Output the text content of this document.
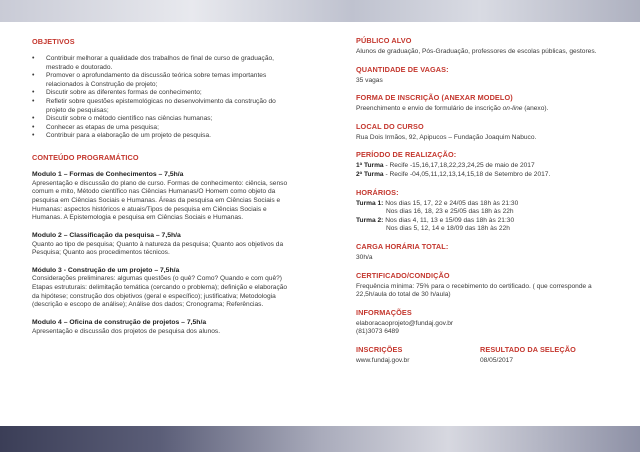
OBJETIVOS
• Contribuir melhorar a qualidade dos trabalhos de final de curso de graduação, mestrado e doutorado.
• Promover o aprofundamento da discussão teórica sobre temas importantes relacionados à Construção de projeto;
• Discutir sobre as diferentes formas de conhecimento;
• Refletir sobre questões epistemológicas no desenvolvimento da construção do projeto de pesquisas;
• Discutir sobre o método científico nas ciências humanas;
• Conhecer as etapas de uma pesquisa;
• Contribuir para a elaboração de um projeto de pesquisa.
CONTEÚDO PROGRAMÁTICO
Modulo 1 – Formas de Conhecimentos – 7,5h/a
Apresentação e discussão do plano de curso. Formas de conhecimento: ciência, senso comum e mito, Método científico nas Ciências Humanas/O Homem como objeto da pesquisa em Ciências Sociais e Humanas. Áreas da pesquisa em Ciências Sociais e Humanas: aspectos históricos e atuais/Tipos de pesquisa em Ciências Sociais e Humanas. A Epistemologia e pesquisa em Ciências Sociais e Humanas.
Modulo 2 – Classificação da pesquisa – 7,5h/a
Quanto ao tipo de pesquisa; Quanto à natureza da pesquisa; Quanto aos objetivos da Pesquisa; Quanto aos procedimentos técnicos.
Módulo 3 - Construção de um projeto – 7,5h/a
Considerações preliminares: algumas questões (o quê? Como? Quando e com quê?)
Etapas estruturais: delimitação temática (cercando o problema); definição e elaboração da hipótese; construção dos objetivos (geral e específico); justificativa; Metodologia (descrição e escopo de análise); Análise dos dados; Cronograma; Referências.
Modulo 4 – Oficina de construção de projetos – 7,5h/a
Apresentação e discussão dos projetos de pesquisa dos alunos.
PÚBLICO ALVO
Alunos de graduação, Pós-Graduação, professores de escolas públicas, gestores.
QUANTIDADE DE VAGAS:
35 vagas
FORMA DE INSCRIÇÃO (ANEXAR MODELO)
Preenchimento e envio de formulário de inscrição on-line (anexo).
LOCAL DO CURSO
Rua Dois Irmãos, 92, Apipucos – Fundação Joaquim Nabuco.
PERÍODO DE REALIZAÇÃO:
1ª Turma - Recife -15,16,17,18,22,23,24,25 de maio de 2017
2ª Turma - Recife -04,05,11,12,13,14,15,18 de Setembro de 2017.
HORÁRIOS:
Turma 1: Nos dias 15, 17, 22 e 24/05 das 18h às 21:30
Nos dias 16, 18, 23 e 25/05 das 18h às 22h
Turma 2: Nos dias 4, 11, 13 e 15/09 das 18h às 21:30
Nos dias 5, 12, 14 e 18/09 das 18h às 22h
CARGA HORÁRIA TOTAL:
30h/a
CERTIFICADO/CONDIÇÃO
Frequência mínima: 75% para o recebimento do certificado. ( que corresponde a 22,5h/aula do total de 30 h/aula)
INFORMAÇÕES
elaboracaoprojeto@fundaj.gov.br
(81)3073 6489
INSCRIÇÕES
www.fundaj.gov.br
RESULTADO DA SELEÇÃO
08/05/2017
